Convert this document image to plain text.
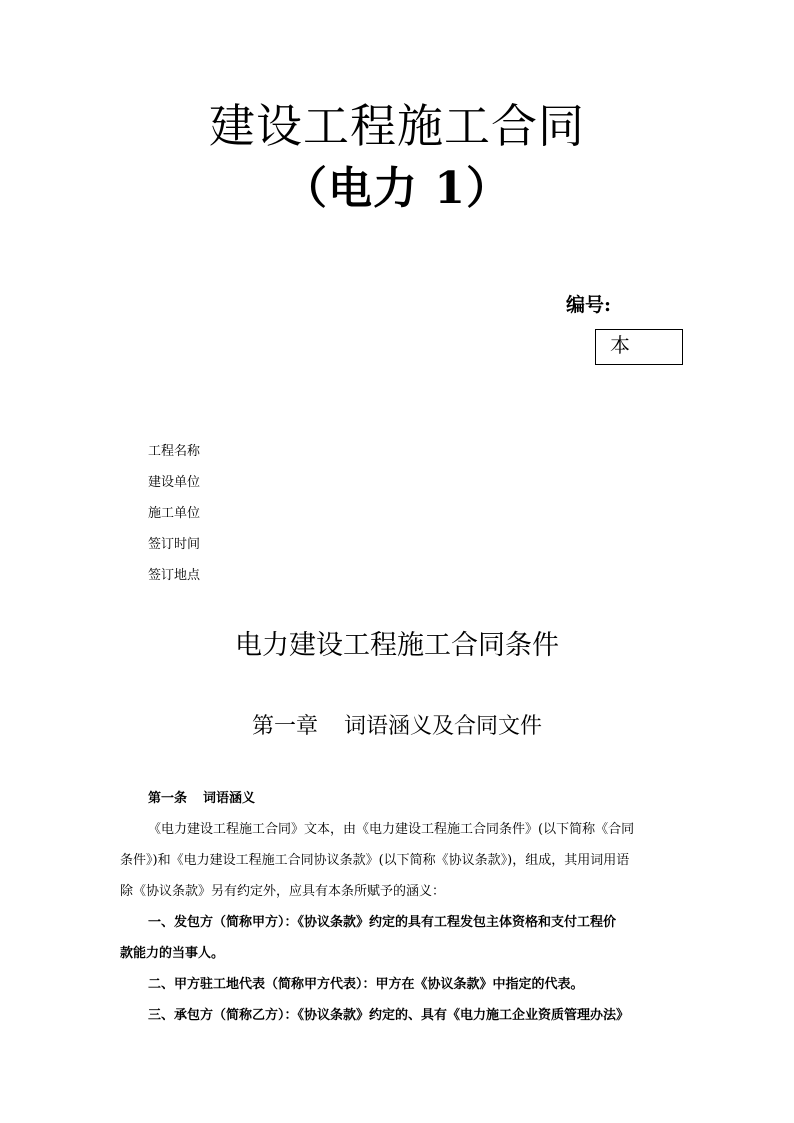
建设工程施工合同
（电力 1）
编号:
本
工程名称
建设单位
施工单位
签订时间
签订地点
电力建设工程施工合同条件
第一章 词语涵义及合同文件
第一条 词语涵义
《电力建设工程施工合同》文本，由《电力建设工程施工合同条件》(以下简称《合同
条件》)和《电力建设工程施工合同协议条款》(以下简称《协议条款》)，组成，其用词用语
除《协议条款》另有约定外，应具有本条所赋予的涵义：
一、发包方（简称甲方）：《协议条款》约定的具有工程发包主体资格和支付工程价
款能力的当事人。
二、甲方驻工地代表（简称甲方代表）：甲方在《协议条款》中指定的代表。
三、承包方（简称乙方）：《协议条款》约定的、具有《电力施工企业资质管理办法》
